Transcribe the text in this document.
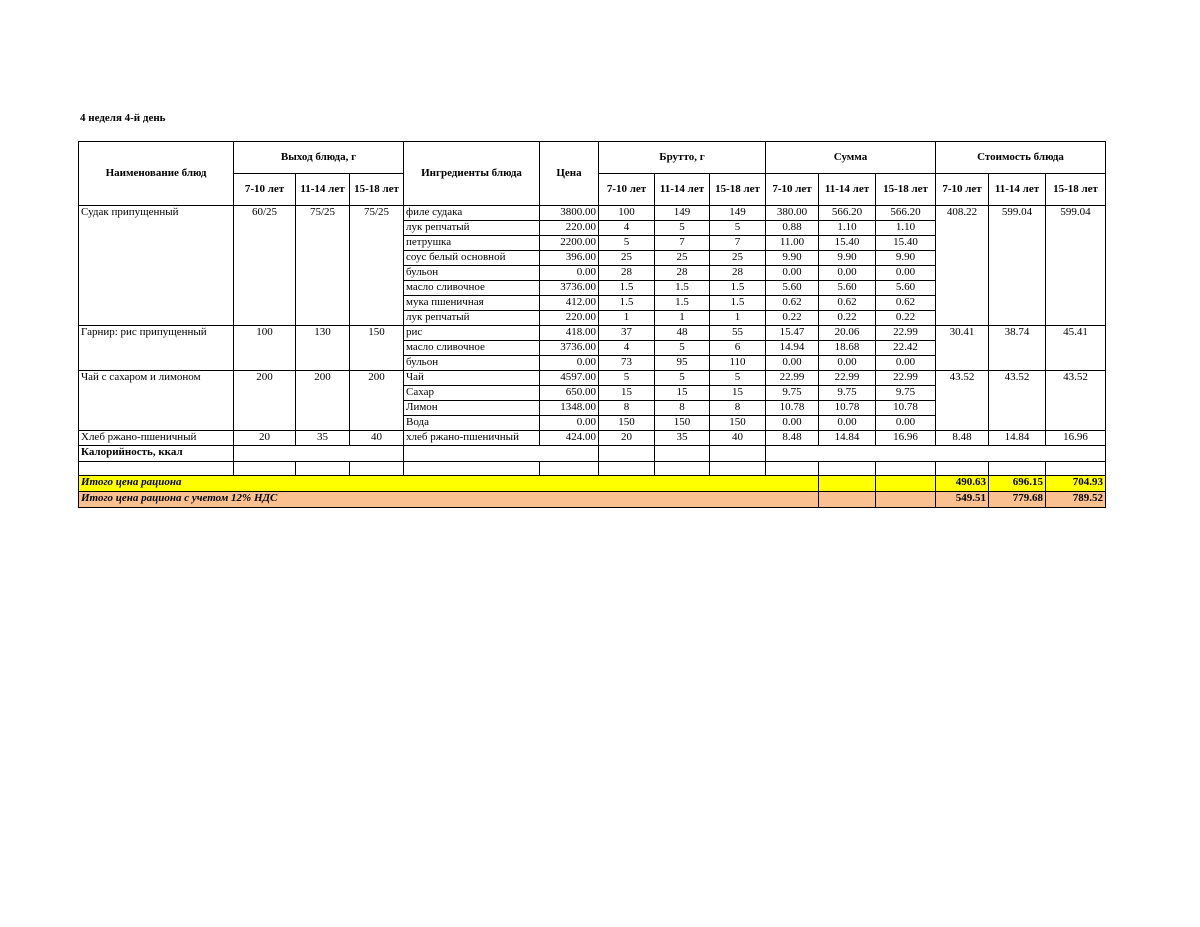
4 неделя 4-й день
Наименование блюд	Выход блюда, г			Ингредиенты блюда	Цена	Брутто, г			Сумма			Стоимость блюда		
	7-10 лет	11-14 лет	15-18 лет			7-10 лет	11-14 лет	15-18 лет	7-10 лет	11-14 лет	15-18 лет	7-10 лет	11-14 лет	15-18 лет
Судак припущенный	60/25	75/25	75/25	филе судака	3800.00	100	149	149	380.00	566.20	566.20	408.22	599.04	599.04
				лук репчатый	220.00	4	5	5	0.88	1.10	1.10			
				петрушка	2200.00	5	7	7	11.00	15.40	15.40			
				соус белый основной	396.00	25	25	25	9.90	9.90	9.90			
				бульон	0.00	28	28	28	0.00	0.00	0.00			
				масло сливочное	3736.00	1.5	1.5	1.5	5.60	5.60	5.60			
				мука пшеничная	412.00	1.5	1.5	1.5	0.62	0.62	0.62			
				лук репчатый	220.00	1	1	1	0.22	0.22	0.22			
Гарнир: рис припущенный	100	130	150	рис	418.00	37	48	55	15.47	20.06	22.99	30.41	38.74	45.41
				масло сливочное	3736.00	4	5	6	14.94	18.68	22.42			
				бульон	0.00	73	95	110	0.00	0.00	0.00			
Чай с сахаром и лимоном	200	200	200	Чай	4597.00	5	5	5	22.99	22.99	22.99	43.52	43.52	43.52
				Сахар	650.00	15	15	15	9.75	9.75	9.75			
				Лимон	1348.00	8	8	8	10.78	10.78	10.78			
				Вода	0.00	150	150	150	0.00	0.00	0.00			
Хлеб ржано-пшеничный	20	35	40	хлеб ржано-пшеничный	424.00	20	35	40	8.48	14.84	16.96	8.48	14.84	16.96
Калорийность, ккал														

Итого цена рациона												490.63	696.15	704.93
Итого цена рациона с учетом 12% НДС												549.51	779.68	789.52
